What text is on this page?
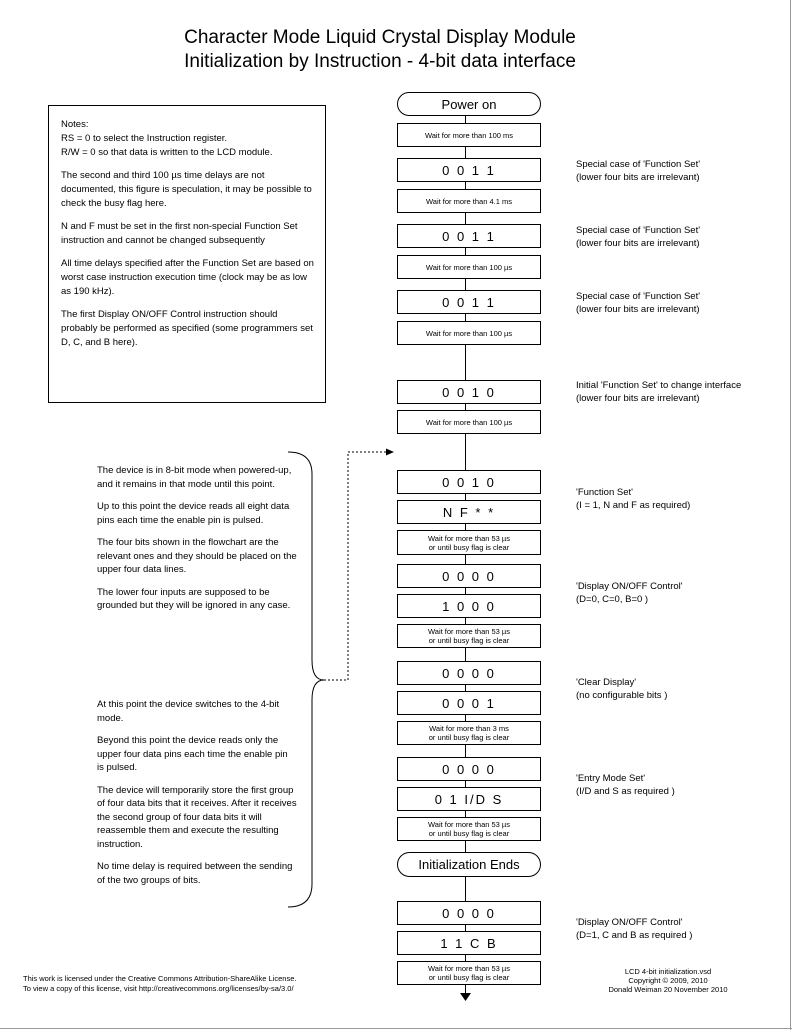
Character Mode Liquid Crystal Display Module
Initialization by Instruction - 4-bit data interface
Notes:
RS = 0 to select the Instruction register.

R/W = 0 so that data is written to the LCD module.

The second and third 100 µs time delays are not documented, this figure is speculation, it may be possible to check the busy flag here.

N and F must be set in the first non-special Function Set instruction and cannot be changed subsequently

All time delays specified after the Function Set are based on worst case instruction execution time (clock may be as low as 190 kHz).

The first Display ON/OFF Control instruction should probably be performed as specified (some programmers set D, C, and B here).

Power on
Wait for more than 100 ms
0 0 1 1
Wait for more than 4.1 ms
0 0 1 1
Wait for more than 100 µs
0 0 1 1
Wait for more than 100 µs
0 0 1 0
Wait for more than 100 µs
0 0 1 0
N F * *
Wait for more than 53 µs
or until busy flag is clear
0 0 0 0
1 0 0 0
Wait for more than 53 µs
or until busy flag is clear
0 0 0 0
0 0 0 1
Wait for more than 3 ms
or until busy flag is clear
0 0 0 0
0 1 I/D S
Wait for more than 53 µs
or until busy flag is clear
Initialization Ends
0 0 0 0
1 1 C B
Wait for more than 53 µs
or until busy flag is clear
Special case of 'Function Set'
(lower four bits are irrelevant)
Special case of 'Function Set'
(lower four bits are irrelevant)
Special case of 'Function Set'
(lower four bits are irrelevant)
Initial 'Function Set' to change interface
(lower four bits are irrelevant)
'Function Set'
(I = 1, N and F as required)
'Display ON/OFF Control'
(D=0, C=0, B=0 )
'Clear Display'
(no configurable bits )
'Entry Mode Set'
(I/D and S as required )
'Display ON/OFF Control'
(D=1, C and B as required )

The device is in 8-bit mode when powered-up, and it remains in that mode until this point.

Up to this point the device reads all eight data pins each time the enable pin is pulsed.

The four bits shown in the flowchart are the relevant ones and they should be placed on the upper four data lines.

The lower four inputs are supposed to be grounded but they will be ignored in any case.

At this point the device switches to the 4-bit mode.

Beyond this point the device reads only the upper four data pins each time the enable pin is pulsed.

The device will temporarily store the first group of four data bits that it receives. After it receives the second group of four data bits it will reassemble them and execute the resulting instruction.

No time delay is required between the sending of the two groups of bits.

This work is licensed under the Creative Commons Attribution-ShareAlike License.
To view a copy of this license, visit http://creativecommons.org/licenses/by-sa/3.0/
LCD 4-bit initialization.vsd
Copyright © 2009, 2010
Donald Weiman 20 November 2010
